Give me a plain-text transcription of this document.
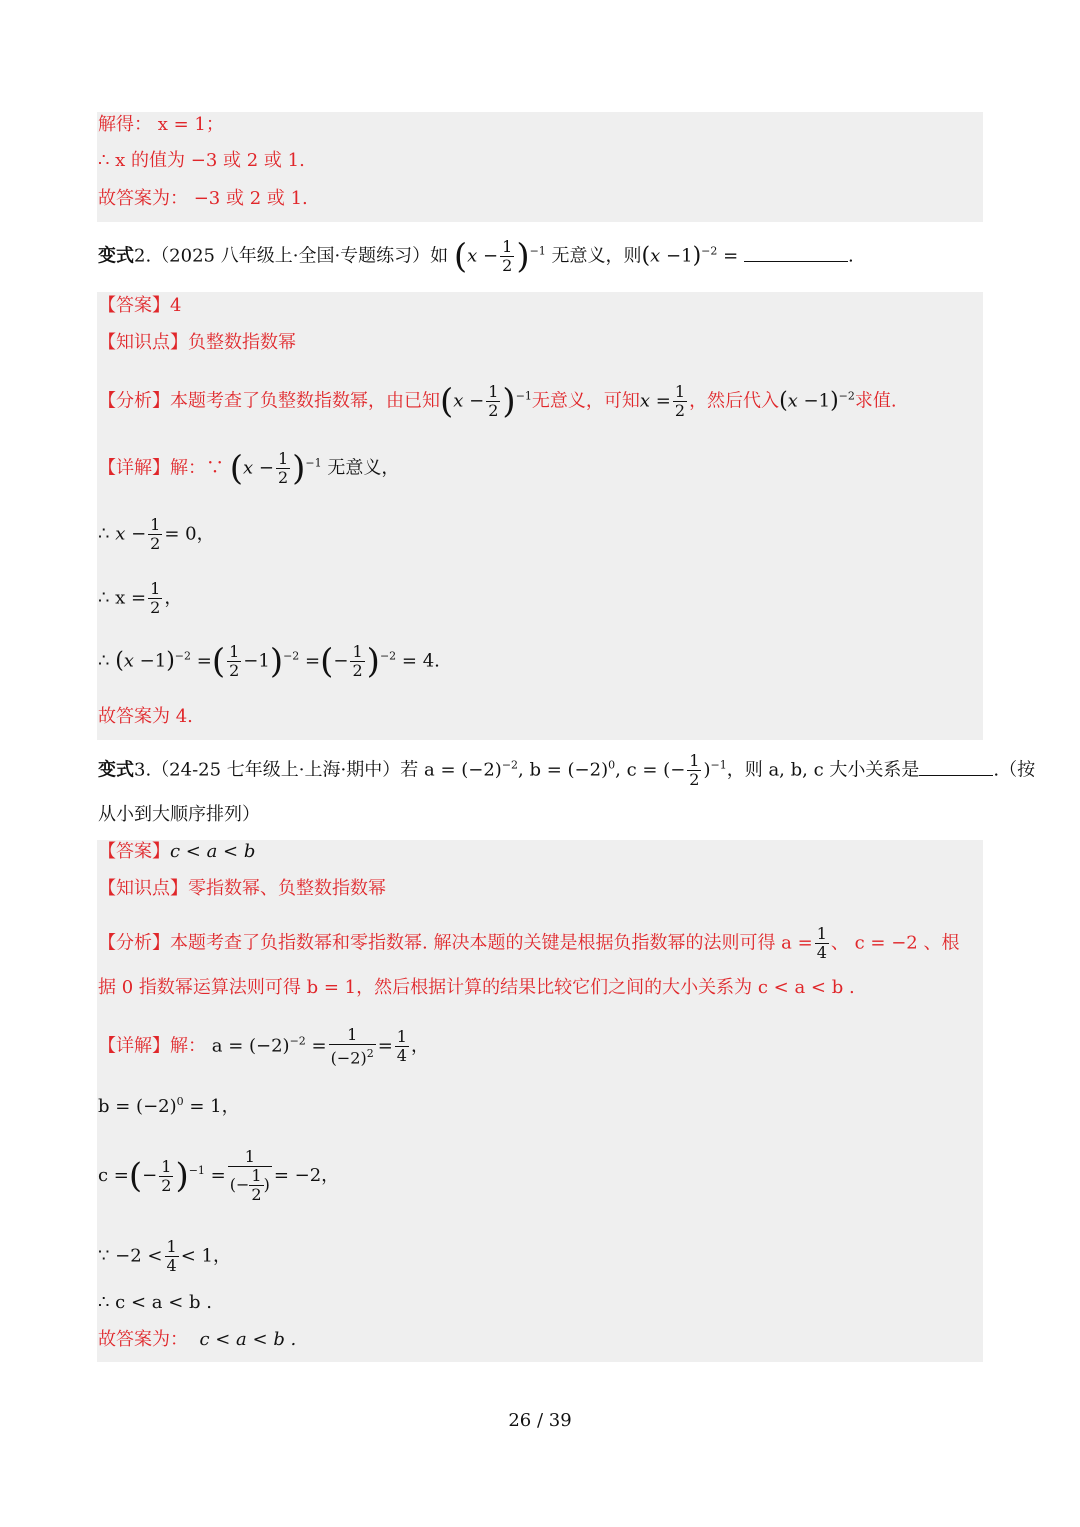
解得： x = 1；
∴ x 的值为 −3 或 2 或 1.
故答案为： −3 或 2 或 1.
变式2.（2025 八年级上·全国·专题练习）如 $(x - \frac{1}{2} )^{-1}$ 无意义，则$(x -1)^{-2}$ =	.
【答案】4
【知识点】负整数指数幂
【分析】本题考查了负整数指数幂，由已知$(x - \frac{1}{2} )^{-1}$无意义，可知$x = \frac{1}{2}$ ，然后代入$(x -1)^{-2}$求值.
【详解】解：∵ $(x - \frac{1}{2} )^{-1}$ 无意义，
∴ $x - \frac{1}{2} = 0$，
∴ $x = \frac{1}{2}$ ，
∴ $(x -1)^{-2}$ =( $\frac{1}{2} -1)^{-2}$ =(− $\frac{1}{2} )^{-2} = 4$.
故答案为 4.
变式3.（24-25 七年级上·上海·期中）若 $a = (-2)^{-2}$, $b = (-2)^0$, c = (− $\frac{1}{2} )^{-1}$，则 a, b, c 大小关系是	.（按
从小到大顺序排列）
【答案】c < a < b
【知识点】零指数幂、负整数指数幂
【分析】本题考查了负指数幂和零指数幂. 解决本题的关键是根据负指数幂的法则可得 $a = \frac{1}{4}$ 、 c = −2 、根
据 0 指数幂运算法则可得 b = 1，然后根据计算的结果比较它们之间的大小关系为 c < a < b .
【详解】解： $a = (-2)^{-2} = \frac{1}{(-2)^2} = \frac{1}{4}$ ，
$b = (-2)^0 = 1$，
c =(− $\frac{1}{2} )^{-1} = \frac{1}{(- \frac{1}{2} )} = -2$，
∵ $-2 < \frac{1}{4} < 1$，
∴ c < a < b .
故答案为： c < a < b .
26 / 39
